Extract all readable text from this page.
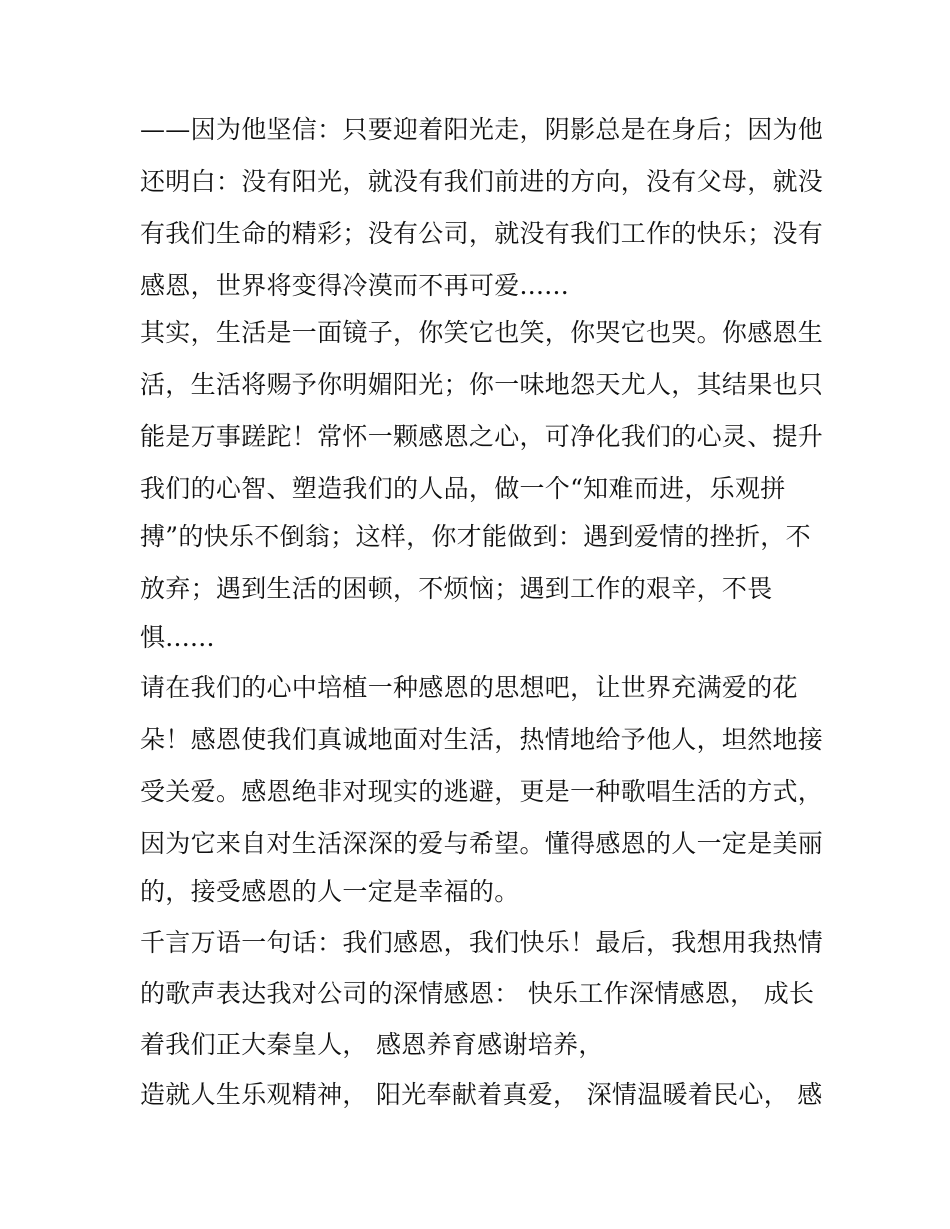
——因为他坚信：只要迎着阳光走，阴影总是在身后；因为他

还明白：没有阳光，就没有我们前进的方向，没有父母，就没

有我们生命的精彩；没有公司，就没有我们工作的快乐；没有

感恩，世界将变得冷漠而不再可爱......

其实，生活是一面镜子，你笑它也笑，你哭它也哭。你感恩生

活，生活将赐予你明媚阳光；你一味地怨天尤人，其结果也只

能是万事蹉跎！常怀一颗感恩之心，可净化我们的心灵、提升

我们的心智、塑造我们的人品，做一个“知难而进，乐观拼

搏”的快乐不倒翁；这样，你才能做到：遇到爱情的挫折，不

放弃；遇到生活的困顿，不烦恼；遇到工作的艰辛，不畏

惧......

请在我们的心中培植一种感恩的思想吧，让世界充满爱的花

朵！感恩使我们真诚地面对生活，热情地给予他人，坦然地接

受关爱。感恩绝非对现实的逃避，更是一种歌唱生活的方式，

因为它来自对生活深深的爱与希望。懂得感恩的人一定是美丽

的，接受感恩的人一定是幸福的。

千言万语一句话：我们感恩，我们快乐！最后，我想用我热情

的歌声表达我对公司的深情感恩： 快乐工作深情感恩， 成长

着我们正大秦皇人， 感恩养育感谢培养，

造就人生乐观精神， 阳光奉献着真爱， 深情温暖着民心， 感
